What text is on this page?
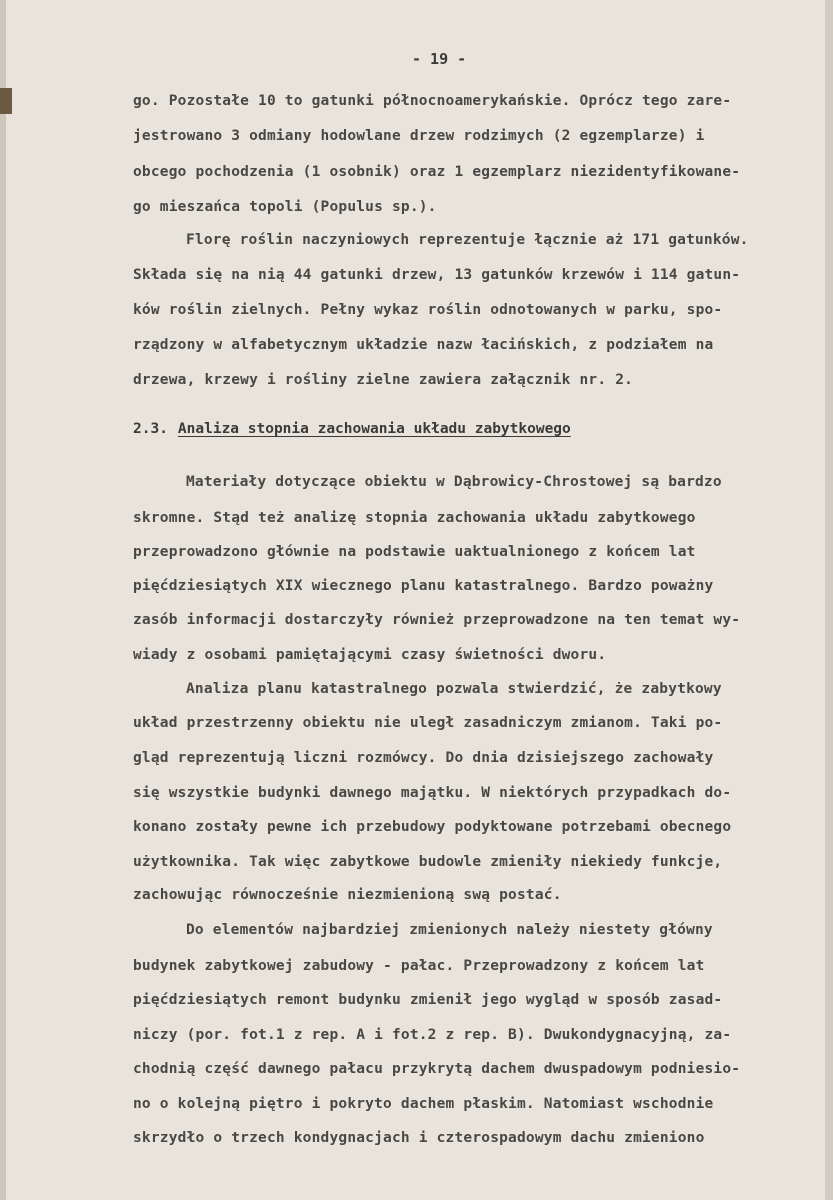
- 19 -
go. Pozostałe 10 to gatunki północnoamerykańskie. Oprócz tego zare-
jestrowano 3 odmiany hodowlane drzew rodzimych (2 egzemplarze) i
obcego pochodzenia (1 osobnik) oraz 1 egzemplarz niezidentyfikowane-
go mieszańca topoli (Populus sp.).
Florę roślin naczyniowych reprezentuje łącznie aż 171 gatunków.
Składa się na nią 44 gatunki drzew, 13 gatunków krzewów i 114 gatun-
ków roślin zielnych. Pełny wykaz roślin odnotowanych w parku, spo-
rządzony w alfabetycznym układzie nazw łacińskich, z podziałem na
drzewa, krzewy i rośliny zielne zawiera załącznik nr. 2.
2.3. Analiza stopnia zachowania układu zabytkowego
Materiały dotyczące obiektu w Dąbrowicy-Chrostowej są bardzo
skromne. Stąd też analizę stopnia zachowania układu zabytkowego
przeprowadzono głównie na podstawie uaktualnionego z końcem lat
pięćdziesiątych XIX wiecznego planu katastralnego. Bardzo poważny
zasób informacji dostarczyły również przeprowadzone na ten temat wy-
wiady z osobami pamiętającymi czasy świetności dworu.
Analiza planu katastralnego pozwala stwierdzić, że zabytkowy
układ przestrzenny obiektu nie uległ zasadniczym zmianom. Taki po-
gląd reprezentują liczni rozmówcy. Do dnia dzisiejszego zachowały
się wszystkie budynki dawnego majątku. W niektórych przypadkach do-
konano zostały pewne ich przebudowy podyktowane potrzebami obecnego
użytkownika. Tak więc zabytkowe budowle zmieniły niekiedy funkcje,
zachowując równocześnie niezmienioną swą postać.
Do elementów najbardziej zmienionych należy niestety główny
budynek zabytkowej zabudowy - pałac. Przeprowadzony z końcem lat
pięćdziesiątych remont budynku zmienił jego wygląd w sposób zasad-
niczy (por. fot.1 z rep. A i fot.2 z rep. B). Dwukondygnacyjną, za-
chodnią część dawnego pałacu przykrytą dachem dwuspadowym podniesio-
no o kolejną piętro i pokryto dachem płaskim. Natomiast wschodnie
skrzydło o trzech kondygnacjach i czterospadowym dachu zmieniono
